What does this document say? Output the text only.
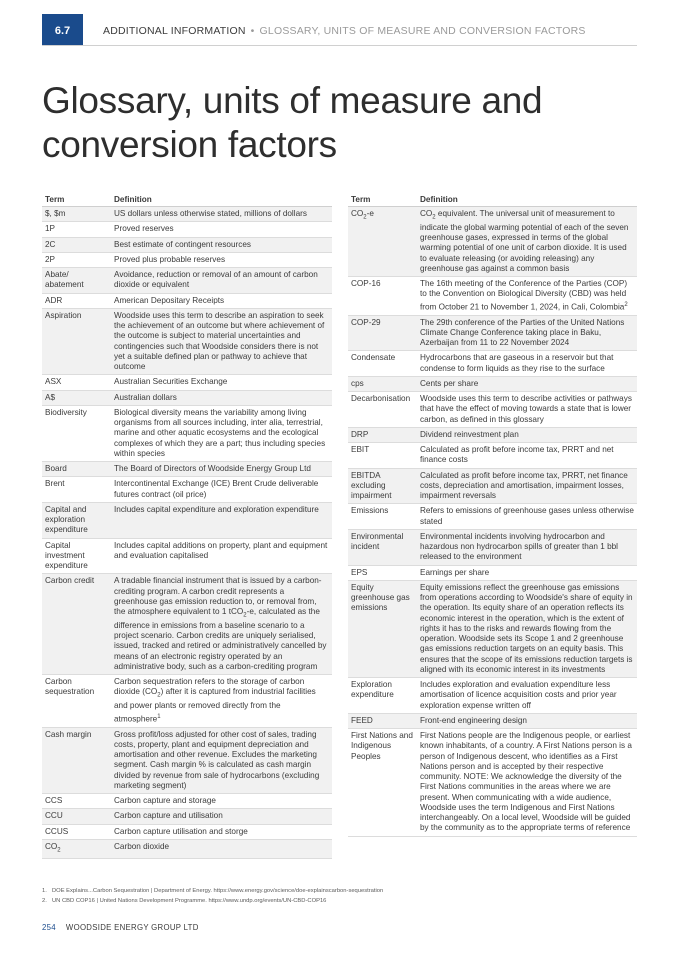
6.7	ADDITIONAL INFORMATION • GLOSSARY, UNITS OF MEASURE AND CONVERSION FACTORS
Glossary, units of measure and conversion factors
Term	Definition
$, $m	US dollars unless otherwise stated, millions of dollars
1P	Proved reserves
2C	Best estimate of contingent resources
2P	Proved plus probable reserves
Abate/ abatement	Avoidance, reduction or removal of an amount of carbon dioxide or equivalent
ADR	American Depositary Receipts
Aspiration	Woodside uses this term to describe an aspiration to seek the achievement of an outcome but where achievement of the outcome is subject to material uncertainties and contingencies such that Woodside considers there is not yet a suitable defined plan or pathway to achieve that outcome
ASX	Australian Securities Exchange
A$	Australian dollars
Biodiversity	Biological diversity means the variability among living organisms from all sources including, inter alia, terrestrial, marine and other aquatic ecosystems and the ecological complexes of which they are a part; thus including species within species
Board	The Board of Directors of Woodside Energy Group Ltd
Brent	Intercontinental Exchange (ICE) Brent Crude deliverable futures contract (oil price)
Capital and exploration expenditure	Includes capital expenditure and exploration expenditure
Capital investment expenditure	Includes capital additions on property, plant and equipment and evaluation capitalised
Carbon credit	A tradable financial instrument that is issued by a carbon-crediting program. A carbon credit represents a greenhouse gas emission reduction to, or removal from, the atmosphere equivalent to 1 tCO$_2$-e, calculated as the difference in emissions from a baseline scenario to a project scenario. Carbon credits are uniquely serialised, issued, tracked and retired or administratively cancelled by means of an electronic registry operated by an administrative body, such as a carbon-crediting program
Carbon sequestration	Carbon sequestration refers to the storage of carbon dioxide $(CO_2)$ after it is captured from industrial facilities and power plants or removed directly from the atmosphere$^1$
Cash margin	Gross profit/loss adjusted for other cost of sales, trading costs, property, plant and equipment depreciation and amortisation and other revenue. Excludes the marketing segment. Cash margin % is calculated as cash margin divided by revenue from sale of hydrocarbons (excluding marketing segment)
CCS	Carbon capture and storage
CCU	Carbon capture and utilisation
CCUS	Carbon capture utilisation and storge
$CO_2$	Carbon dioxide
Term	Definition
$CO_2-e$	$CO_2$ equivalent. The universal unit of measurement to indicate the global warming potential of each of the seven greenhouse gases, expressed in terms of the global warming potential of one unit of carbon dioxide. It is used to evaluate releasing (or avoiding releasing) any greenhouse gas against a common basis
COP-16	The 16th meeting of the Conference of the Parties (COP) to the Convention on Biological Diversity (CBD) was held from October 21 to November 1, 2024, in Cali, Colombia$^2$
COP-29	The 29th conference of the Parties of the United Nations Climate Change Conference taking place in Baku, Azerbaijan from 11 to 22 November 2024
Condensate	Hydrocarbons that are gaseous in a reservoir but that condense to form liquids as they rise to the surface
cps	Cents per share
Decarbonisation	Woodside uses this term to describe activities or pathways that have the effect of moving towards a state that is lower carbon, as defined in this glossary
DRP	Dividend reinvestment plan
EBIT	Calculated as profit before income tax, PRRT and net finance costs
EBITDA excluding impairment	Calculated as profit before income tax, PRRT, net finance costs, depreciation and amortisation, impairment losses, impairment reversals
Emissions	Refers to emissions of greenhouse gases unless otherwise stated
Environmental incident	Environmental incidents involving hydrocarbon and hazardous non hydrocarbon spills of greater than 1 bbl released to the environment
EPS	Earnings per share
Equity greenhouse gas emissions	Equity emissions reflect the greenhouse gas emissions from operations according to Woodside's share of equity in the operation. Its equity share of an operation reflects its economic interest in the operation, which is the extent of rights it has to the risks and rewards flowing from the operation. Woodside sets its Scope 1 and 2 greenhouse gas emissions reduction targets on an equity basis. This ensures that the scope of its emissions reduction targets is aligned with its economic interest in its investments
Exploration expenditure	Includes exploration and evaluation expenditure less amortisation of licence acquisition costs and prior year exploration expense written off
FEED	Front-end engineering design
First Nations and Indigenous Peoples	First Nations people are the Indigenous people, or earliest known inhabitants, of a country. A First Nations person is a person of Indigenous descent, who identifies as a First Nations person and is accepted by their respective community. NOTE: We acknowledge the diversity of the First Nations communities in the areas where we are present. When communicating with a wide audience, Woodside uses the term Indigenous and First Nations interchangeably. On a local level, Woodside will be guided by the community as to the appropriate terms of reference
1. DOE Explains...Carbon Sequestration | Department of Energy. https://www.energy.gov/science/doe-explainscarbon-sequestration
2. UN CBD COP16 | United Nations Development Programme. https://www.undp.org/events/UN-CBD-COP16
254 WOODSIDE ENERGY GROUP LTD
